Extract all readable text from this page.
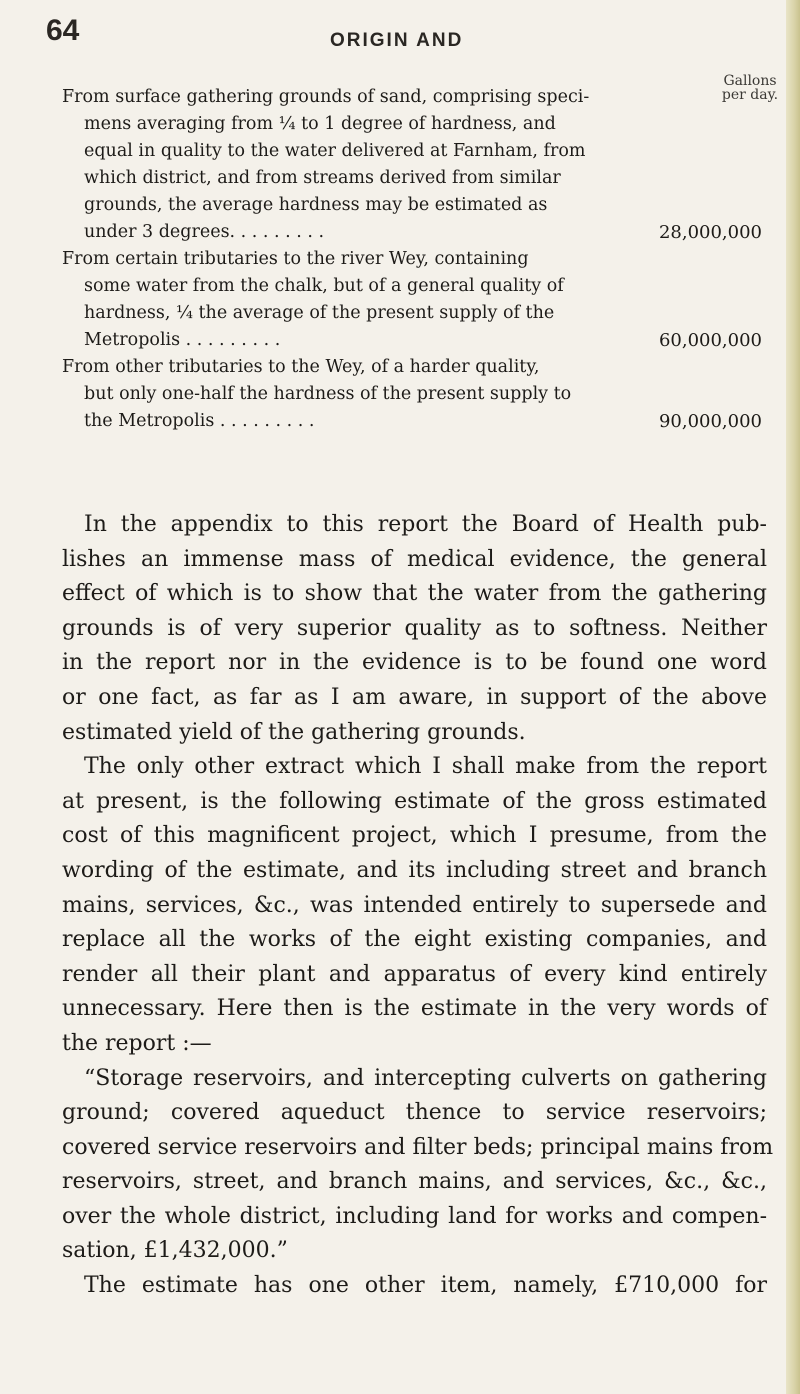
64	ORIGIN AND
Gallons
per day.
From surface gathering grounds of sand, comprising speci-
mens averaging from ¼ to 1 degree of hardness, and
equal in quality to the water delivered at Farnham, from
which district, and from streams derived from similar
grounds, the average hardness may be estimated as
under 3 degrees. . . . . . . . .	28,000,000
From certain tributaries to the river Wey, containing
some water from the chalk, but of a general quality of
hardness, ¼ the average of the present supply of the
Metropolis . . . . . . . . .	60,000,000
From other tributaries to the Wey, of a harder quality,
but only one-half the hardness of the present supply to
the Metropolis . . . . . . . . .	90,000,000
In the appendix to this report the Board of Health pub-
lishes an immense mass of medical evidence, the general
effect of which is to show that the water from the gathering
grounds is of very superior quality as to softness. Neither
in the report nor in the evidence is to be found one word
or one fact, as far as I am aware, in support of the above
estimated yield of the gathering grounds.
The only other extract which I shall make from the report
at present, is the following estimate of the gross estimated
cost of this magnificent project, which I presume, from the
wording of the estimate, and its including street and branch
mains, services, &c., was intended entirely to supersede and
replace all the works of the eight existing companies, and
render all their plant and apparatus of every kind entirely
unnecessary. Here then is the estimate in the very words of
the report :—
“Storage reservoirs, and intercepting culverts on gathering
ground; covered aqueduct thence to service reservoirs;
covered service reservoirs and filter beds; principal mains from
reservoirs, street, and branch mains, and services, &c., &c.,
over the whole district, including land for works and compen-
sation, £1,432,000.”
The estimate has one other item, namely, £710,000 for
